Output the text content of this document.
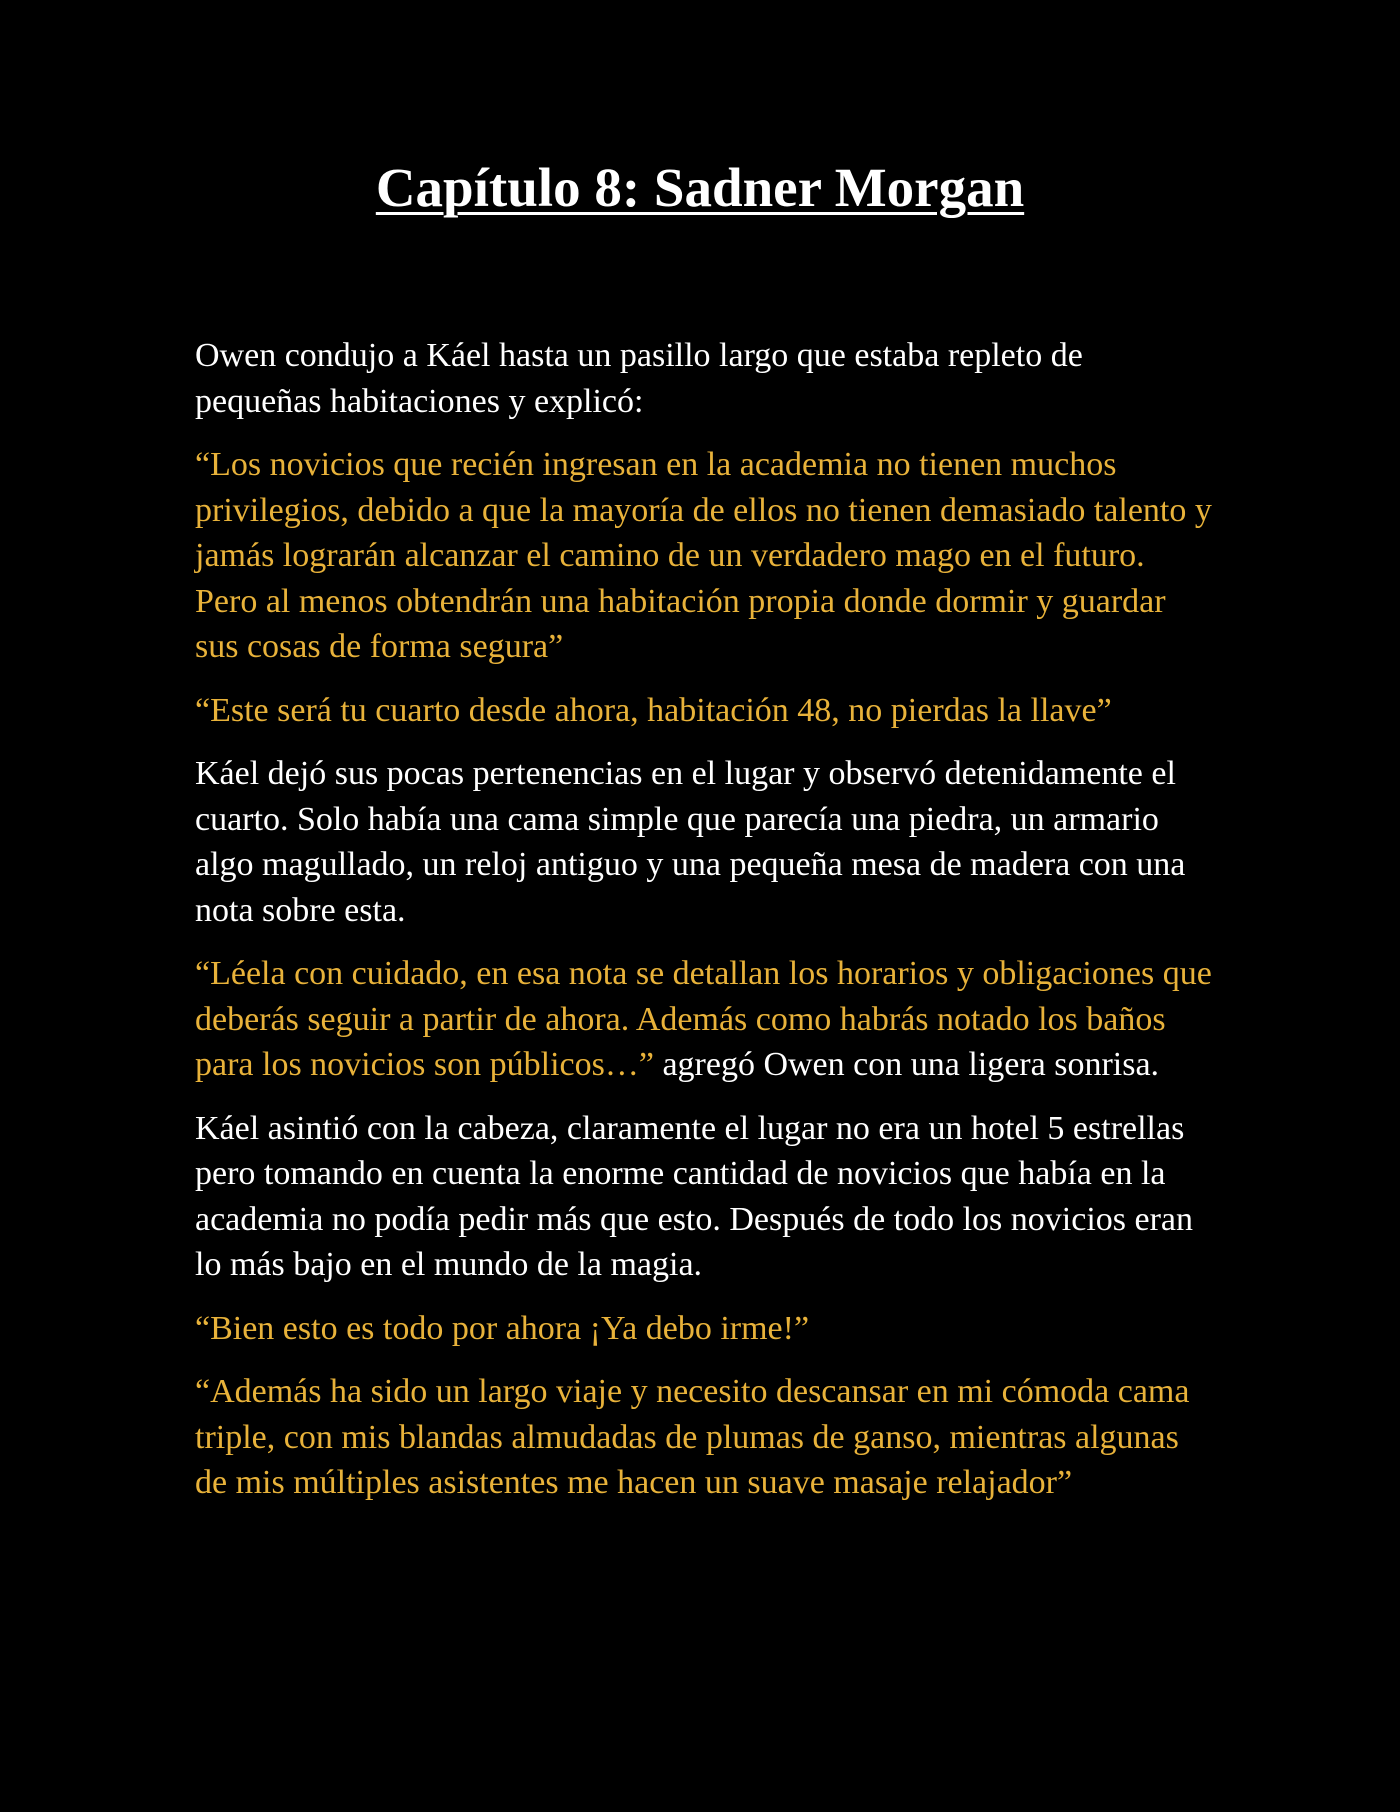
Capítulo 8: Sadner Morgan

Owen condujo a Káel hasta un pasillo largo que estaba repleto de pequeñas habitaciones y explicó:

“Los novicios que recién ingresan en la academia no tienen muchos privilegios, debido a que la mayoría de ellos no tienen demasiado talento y jamás lograrán alcanzar el camino de un verdadero mago en el futuro. Pero al menos obtendrán una habitación propia donde dormir y guardar sus cosas de forma segura”

“Este será tu cuarto desde ahora, habitación 48, no pierdas la llave”

Káel dejó sus pocas pertenencias en el lugar y observó detenidamente el cuarto. Solo había una cama simple que parecía una piedra, un armario algo magullado, un reloj antiguo y una pequeña mesa de madera con una nota sobre esta.

“Léela con cuidado, en esa nota se detallan los horarios y obligaciones que deberás seguir a partir de ahora. Además como habrás notado los baños para los novicios son públicos…” agregó Owen con una ligera sonrisa.

Káel asintió con la cabeza, claramente el lugar no era un hotel 5 estrellas pero tomando en cuenta la enorme cantidad de novicios que había en la academia no podía pedir más que esto. Después de todo los novicios eran lo más bajo en el mundo de la magia.

“Bien esto es todo por ahora ¡Ya debo irme!”

“Además ha sido un largo viaje y necesito descansar en mi cómoda cama triple, con mis blandas almudadas de plumas de ganso, mientras algunas de mis múltiples asistentes me hacen un suave masaje relajador”
